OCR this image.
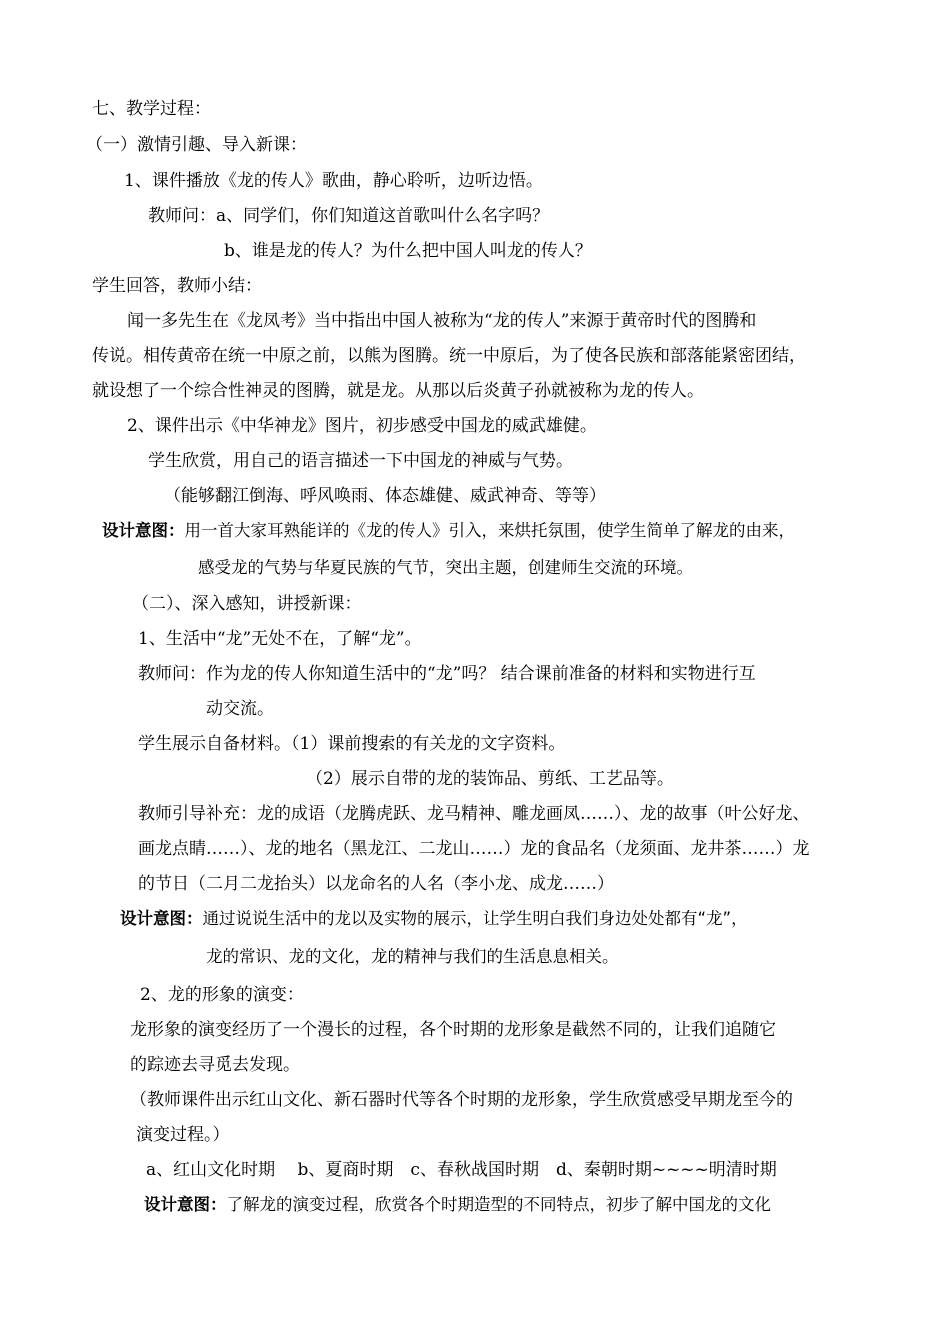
七、教学过程：
（一）激情引趣、导入新课：
1、课件播放《龙的传人》歌曲，静心聆听，边听边悟。
教师问：a、同学们，你们知道这首歌叫什么名字吗？
b、谁是龙的传人？为什么把中国人叫龙的传人？
学生回答，教师小结：
闻一多先生在《龙凤考》当中指出中国人被称为“龙的传人”来源于黄帝时代的图腾和
传说。相传黄帝在统一中原之前，以熊为图腾。统一中原后，为了使各民族和部落能紧密团结，
就设想了一个综合性神灵的图腾，就是龙。从那以后炎黄子孙就被称为龙的传人。
2、课件出示《中华神龙》图片，初步感受中国龙的威武雄健。
学生欣赏，用自己的语言描述一下中国龙的神威与气势。
（能够翻江倒海、呼风唤雨、体态雄健、威武神奇、等等）
设计意图：用一首大家耳熟能详的《龙的传人》引入，来烘托氛围，使学生简单了解龙的由来，
感受龙的气势与华夏民族的气节，突出主题，创建师生交流的环境。
（二）、深入感知，讲授新课：
1、生活中“龙”无处不在，了解“龙”。
教师问：作为龙的传人你知道生活中的“龙”吗？ 结合课前准备的材料和实物进行互
动交流。
学生展示自备材料。（1）课前搜索的有关龙的文字资料。
（2）展示自带的龙的装饰品、剪纸、工艺品等。
教师引导补充：龙的成语（龙腾虎跃、龙马精神、雕龙画凤……）、龙的故事（叶公好龙、
画龙点睛……）、龙的地名（黑龙江、二龙山……）龙的食品名（龙须面、龙井茶……）龙
的节日（二月二龙抬头）以龙命名的人名（李小龙、成龙……）
设计意图：通过说说生活中的龙以及实物的展示，让学生明白我们身边处处都有“龙”，
龙的常识、龙的文化，龙的精神与我们的生活息息相关。
2、龙的形象的演变：
龙形象的演变经历了一个漫长的过程，各个时期的龙形象是截然不同的，让我们追随它
的踪迹去寻觅去发现。
（教师课件出示红山文化、新石器时代等各个时期的龙形象，学生欣赏感受早期龙至今的
演变过程。）
a、红山文化时期　 b、夏商时期　c、春秋战国时期　d、秦朝时期~~~~明清时期
设计意图：了解龙的演变过程，欣赏各个时期造型的不同特点，初步了解中国龙的文化
